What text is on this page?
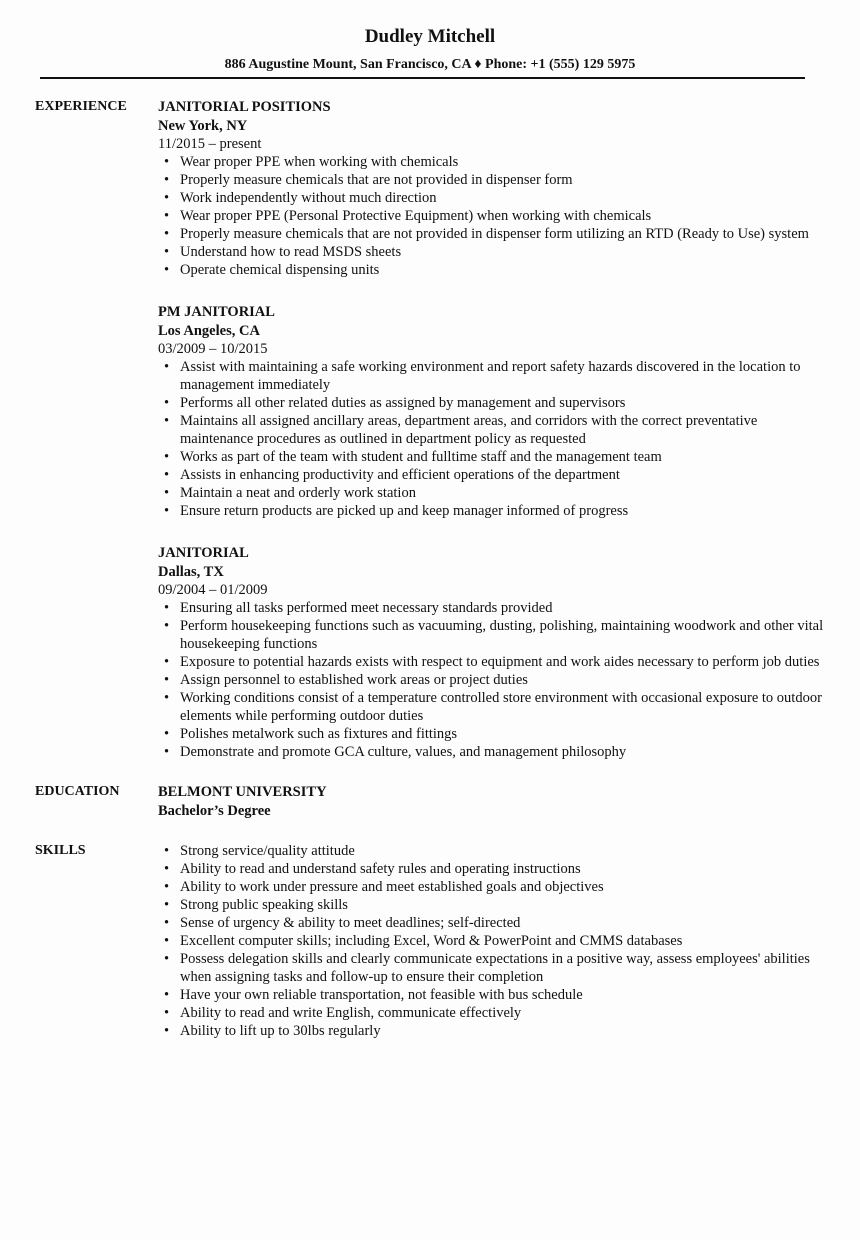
Dudley Mitchell
886 Augustine Mount, San Francisco, CA ♦ Phone: +1 (555) 129 5975
EXPERIENCE	JANITORIAL POSITIONS
New York, NY
11/2015 – present
• Wear proper PPE when working with chemicals
• Properly measure chemicals that are not provided in dispenser form
• Work independently without much direction
• Wear proper PPE (Personal Protective Equipment) when working with chemicals
• Properly measure chemicals that are not provided in dispenser form utilizing an RTD (Ready to Use) system
• Understand how to read MSDS sheets
• Operate chemical dispensing units
PM JANITORIAL
Los Angeles, CA
03/2009 – 10/2015
• Assist with maintaining a safe working environment and report safety hazards discovered in the location to management immediately
• Performs all other related duties as assigned by management and supervisors
• Maintains all assigned ancillary areas, department areas, and corridors with the correct preventative maintenance procedures as outlined in department policy as requested
• Works as part of the team with student and fulltime staff and the management team
• Assists in enhancing productivity and efficient operations of the department
• Maintain a neat and orderly work station
• Ensure return products are picked up and keep manager informed of progress
JANITORIAL
Dallas, TX
09/2004 – 01/2009
• Ensuring all tasks performed meet necessary standards provided
• Perform housekeeping functions such as vacuuming, dusting, polishing, maintaining woodwork and other vital housekeeping functions
• Exposure to potential hazards exists with respect to equipment and work aides necessary to perform job duties
• Assign personnel to established work areas or project duties
• Working conditions consist of a temperature controlled store environment with occasional exposure to outdoor elements while performing outdoor duties
• Polishes metalwork such as fixtures and fittings
• Demonstrate and promote GCA culture, values, and management philosophy
EDUCATION	BELMONT UNIVERSITY
Bachelor’s Degree
SKILLS	• Strong service/quality attitude
• Ability to read and understand safety rules and operating instructions
• Ability to work under pressure and meet established goals and objectives
• Strong public speaking skills
• Sense of urgency & ability to meet deadlines; self-directed
• Excellent computer skills; including Excel, Word & PowerPoint and CMMS databases
• Possess delegation skills and clearly communicate expectations in a positive way, assess employees' abilities when assigning tasks and follow-up to ensure their completion
• Have your own reliable transportation, not feasible with bus schedule
• Ability to read and write English, communicate effectively
• Ability to lift up to 30lbs regularly
